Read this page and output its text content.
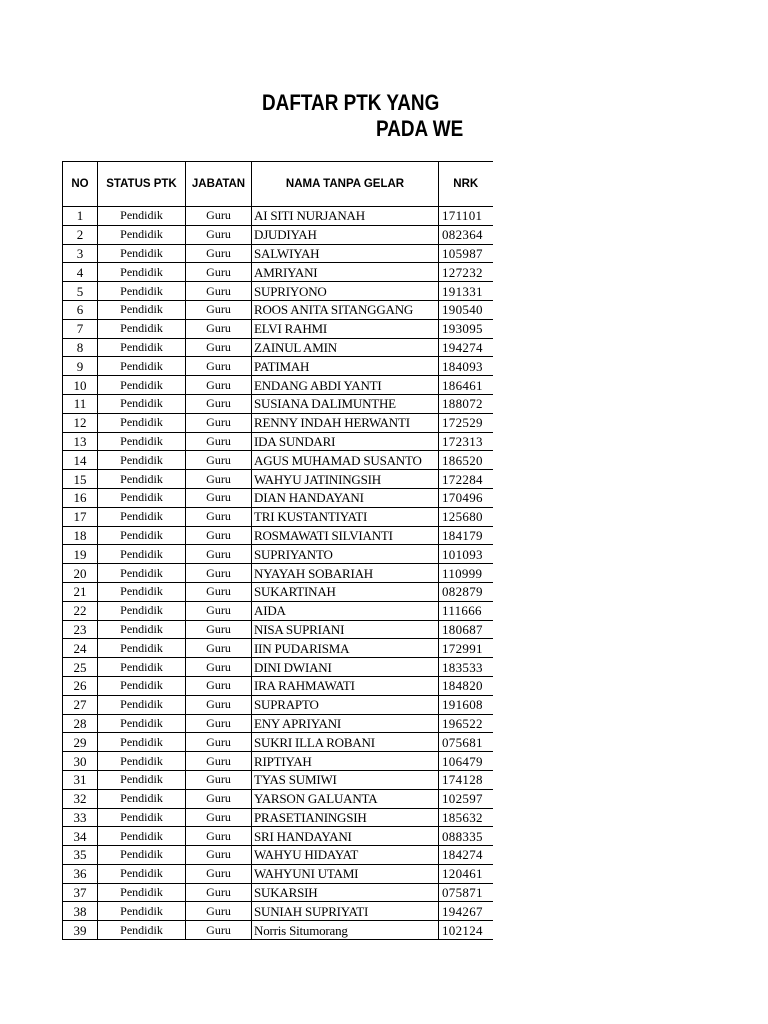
DAFTAR PTK YANG
PADA WE
NO	STATUS PTK	JABATAN	NAMA TANPA GELAR	NRK
1	Pendidik	Guru	AI SITI NURJANAH	171101
2	Pendidik	Guru	DJUDIYAH	082364
3	Pendidik	Guru	SALWIYAH	105987
4	Pendidik	Guru	AMRIYANI	127232
5	Pendidik	Guru	SUPRIYONO	191331
6	Pendidik	Guru	ROOS ANITA SITANGGANG	190540
7	Pendidik	Guru	ELVI RAHMI	193095
8	Pendidik	Guru	ZAINUL AMIN	194274
9	Pendidik	Guru	PATIMAH	184093
10	Pendidik	Guru	ENDANG ABDI YANTI	186461
11	Pendidik	Guru	SUSIANA DALIMUNTHE	188072
12	Pendidik	Guru	RENNY INDAH HERWANTI	172529
13	Pendidik	Guru	IDA SUNDARI	172313
14	Pendidik	Guru	AGUS MUHAMAD SUSANTO	186520
15	Pendidik	Guru	WAHYU JATININGSIH	172284
16	Pendidik	Guru	DIAN HANDAYANI	170496
17	Pendidik	Guru	TRI KUSTANTIYATI	125680
18	Pendidik	Guru	ROSMAWATI SILVIANTI	184179
19	Pendidik	Guru	SUPRIYANTO	101093
20	Pendidik	Guru	NYAYAH SOBARIAH	110999
21	Pendidik	Guru	SUKARTINAH	082879
22	Pendidik	Guru	AIDA	111666
23	Pendidik	Guru	NISA SUPRIANI	180687
24	Pendidik	Guru	IIN PUDARISMA	172991
25	Pendidik	Guru	DINI DWIANI	183533
26	Pendidik	Guru	IRA RAHMAWATI	184820
27	Pendidik	Guru	SUPRAPTO	191608
28	Pendidik	Guru	ENY APRIYANI	196522
29	Pendidik	Guru	SUKRI ILLA ROBANI	075681
30	Pendidik	Guru	RIPTIYAH	106479
31	Pendidik	Guru	TYAS SUMIWI	174128
32	Pendidik	Guru	YARSON GALUANTA	102597
33	Pendidik	Guru	PRASETIANINGSIH	185632
34	Pendidik	Guru	SRI HANDAYANI	088335
35	Pendidik	Guru	WAHYU HIDAYAT	184274
36	Pendidik	Guru	WAHYUNI UTAMI	120461
37	Pendidik	Guru	SUKARSIH	075871
38	Pendidik	Guru	SUNIAH SUPRIYATI	194267
39	Pendidik	Guru	Norris Situmorang	102124
